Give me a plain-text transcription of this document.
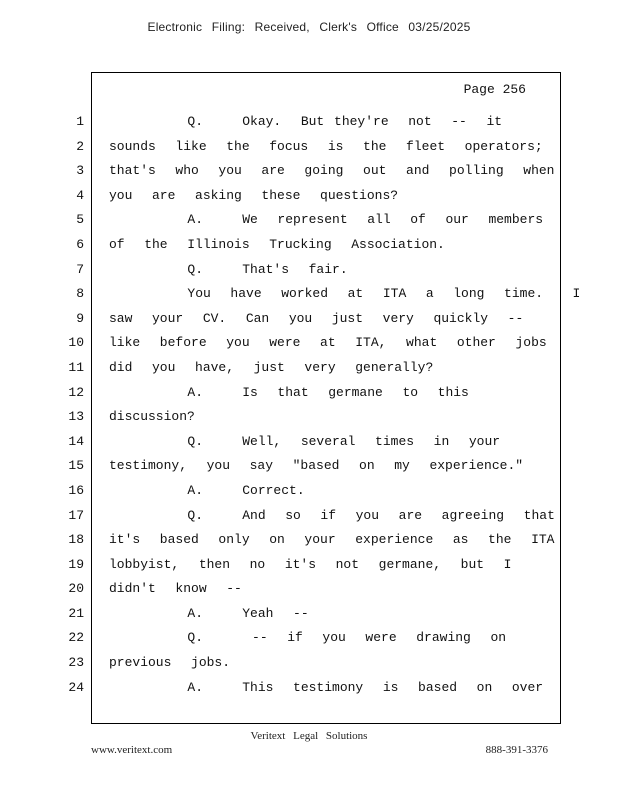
Electronic Filing: Received, Clerk's Office 03/25/2025
Page 256
1
2
3
4
5
6
7
8
9
10
11
12
13
14
15
16
17
18
19
20
21
22
23
24
Q.    Okay.  But they're  not  --  it
sounds  like  the  focus  is  the  fleet  operators;
that's  who  you  are  going  out  and  polling  when
you  are  asking  these  questions?
A.    We  represent  all  of  our  members
of  the  Illinois  Trucking  Association.
Q.    That's  fair.
You  have  worked  at  ITA  a  long  time.   I
saw  your  CV.  Can  you  just  very  quickly  --
like  before  you  were  at  ITA,  what  other  jobs
did  you  have,  just  very  generally?
A.    Is  that  germane  to  this
discussion?
Q.    Well,  several  times  in  your
testimony,  you  say  "based  on  my  experience."
A.    Correct.
Q.    And  so  if  you  are  agreeing  that
it's  based  only  on  your  experience  as  the  ITA
lobbyist,  then  no  it's  not  germane,  but  I
didn't  know  --
A.    Yeah  --
Q.     --  if  you  were  drawing  on
previous  jobs.
A.    This  testimony  is  based  on  over
Veritext Legal Solutions
www.veritext.com	888-391-3376
